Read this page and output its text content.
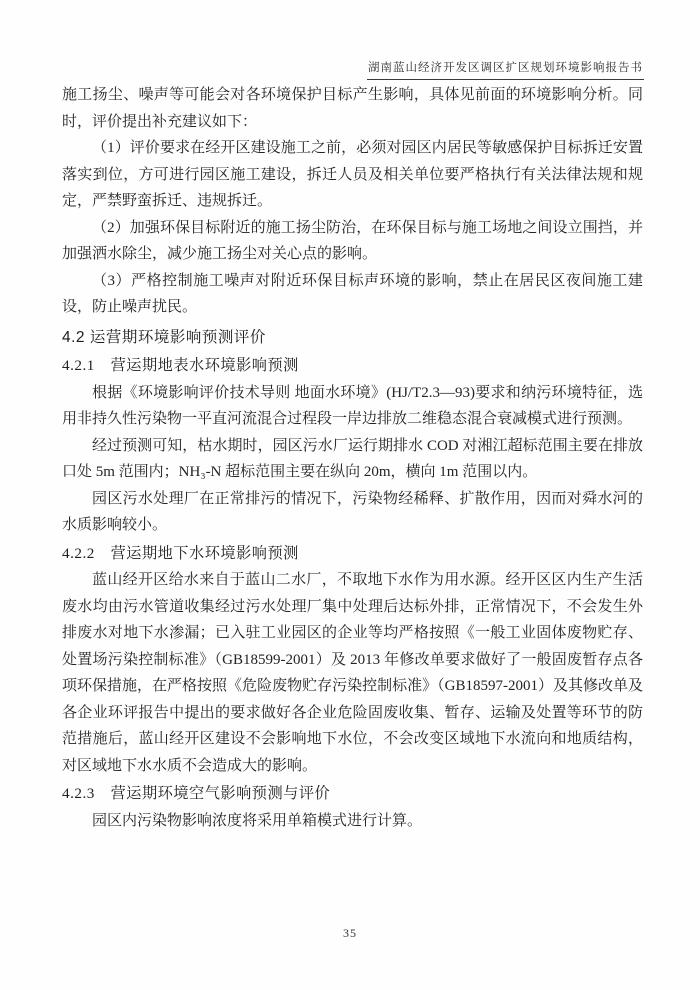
湖南蓝山经济开发区调区扩区规划环境影响报告书

施工扬尘、噪声等可能会对各环境保护目标产生影响，具体见前面的环境影响分析。同时，评价提出补充建议如下：

（1）评价要求在经开区建设施工之前，必须对园区内居民等敏感保护目标拆迁安置落实到位，方可进行园区施工建设，拆迁人员及相关单位要严格执行有关法律法规和规定，严禁野蛮拆迁、违规拆迁。

（2）加强环保目标附近的施工扬尘防治，在环保目标与施工场地之间设立围挡，并加强洒水除尘，减少施工扬尘对关心点的影响。

（3）严格控制施工噪声对附近环保目标声环境的影响，禁止在居民区夜间施工建设，防止噪声扰民。

4.2 运营期环境影响预测评价
4.2.1　营运期地表水环境影响预测

根据《环境影响评价技术导则 地面水环境》(HJ/T2.3—93)要求和纳污环境特征，选用非持久性污染物一平直河流混合过程段一岸边排放二维稳态混合衰减模式进行预测。

经过预测可知，枯水期时，园区污水厂运行期排水 COD 对湘江超标范围主要在排放口处 5m 范围内；NH₃-N 超标范围主要在纵向 20m，横向 1m 范围以内。

园区污水处理厂在正常排污的情况下，污染物经稀释、扩散作用，因而对舜水河的水质影响较小。

4.2.2　营运期地下水环境影响预测

蓝山经开区给水来自于蓝山二水厂，不取地下水作为用水源。经开区区内生产生活废水均由污水管道收集经过污水处理厂集中处理后达标外排，正常情况下，不会发生外排废水对地下水渗漏；已入驻工业园区的企业等均严格按照《一般工业固体废物贮存、处置场污染控制标准》（GB18599-2001）及 2013 年修改单要求做好了一般固废暂存点各项环保措施，在严格按照《危险废物贮存污染控制标准》（GB18597-2001）及其修改单及各企业环评报告中提出的要求做好各企业危险固废收集、暂存、运输及处置等环节的防范措施后，蓝山经开区建设不会影响地下水位，不会改变区域地下水流向和地质结构，对区域地下水水质不会造成大的影响。

4.2.3　营运期环境空气影响预测与评价

园区内污染物影响浓度将采用单箱模式进行计算。

35
